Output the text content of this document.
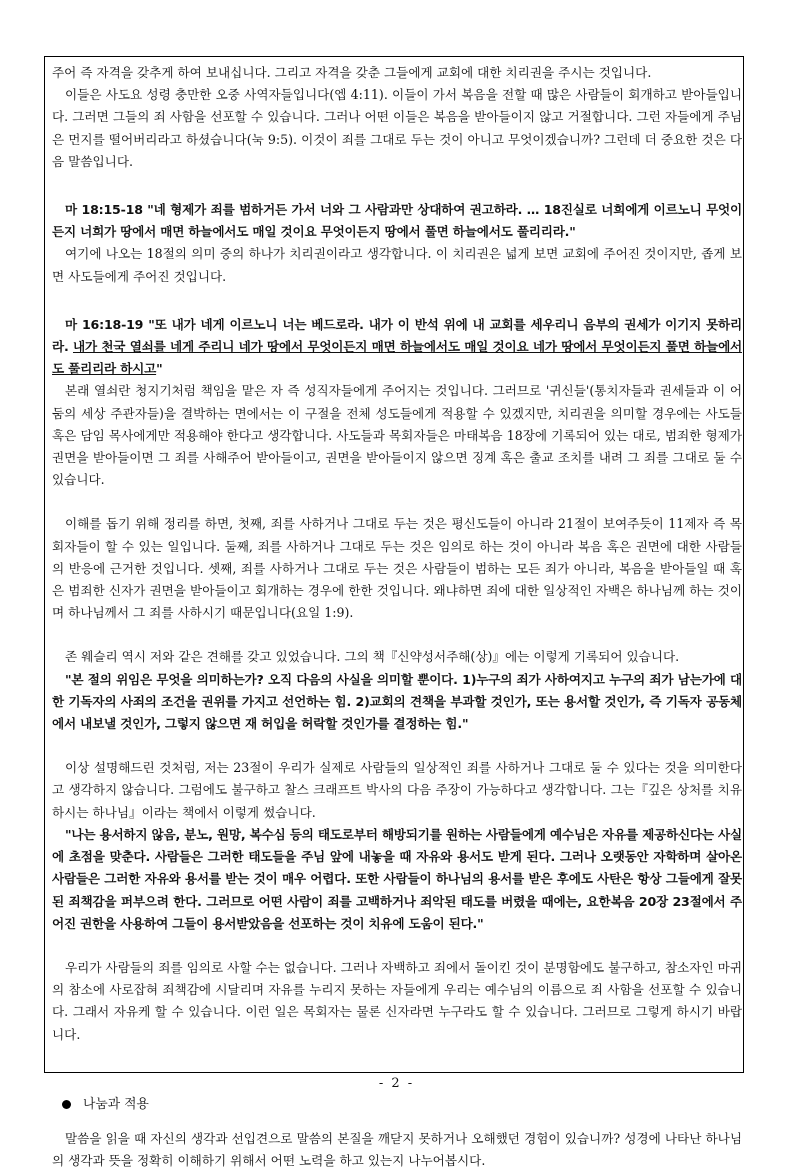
주어 즉 자격을 갖추게 하여 보내십니다. 그리고 자격을 갖춘 그들에게 교회에 대한 치리권을 주시는 것입니다.

이들은 사도요 성령 충만한 오중 사역자들입니다(엡 4:11). 이들이 가서 복음을 전할 때 많은 사람들이 회개하고 받아들입니다. 그러면 그들의 죄 사함을 선포할 수 있습니다. 그러나 어떤 이들은 복음을 받아들이지 않고 거절합니다. 그런 자들에게 주님은 먼지를 떨어버리라고 하셨습니다(눅 9:5). 이것이 죄를 그대로 두는 것이 아니고 무엇이겠습니까? 그런데 더 중요한 것은 다음 말씀입니다.

마 18:15-18 "네 형제가 죄를 범하거든 가서 너와 그 사람과만 상대하여 권고하라. … 18진실로 너희에게 이르노니 무엇이든지 너희가 땅에서 매면 하늘에서도 매일 것이요 무엇이든지 땅에서 풀면 하늘에서도 풀리리라."

여기에 나오는 18절의 의미 중의 하나가 치리권이라고 생각합니다. 이 치리권은 넓게 보면 교회에 주어진 것이지만, 좁게 보면 사도들에게 주어진 것입니다.

마 16:18-19 "또 내가 네게 이르노니 너는 베드로라. 내가 이 반석 위에 내 교회를 세우리니 음부의 권세가 이기지 못하리라. 내가 천국 열쇠를 네게 주리니 네가 땅에서 무엇이든지 매면 하늘에서도 매일 것이요 네가 땅에서 무엇이든지 풀면 하늘에서도 풀리리라 하시고"

본래 열쇠란 청지기처럼 책임을 맡은 자 즉 성직자들에게 주어지는 것입니다. 그러므로 '귀신들'(통치자들과 권세들과 이 어둠의 세상 주관자들)을 결박하는 면에서는 이 구절을 전체 성도들에게 적용할 수 있겠지만, 치리권을 의미할 경우에는 사도들 혹은 담임 목사에게만 적용해야 한다고 생각합니다. 사도들과 목회자들은 마태복음 18장에 기록되어 있는 대로, 범죄한 형제가 권면을 받아들이면 그 죄를 사해주어 받아들이고, 권면을 받아들이지 않으면 징계 혹은 출교 조치를 내려 그 죄를 그대로 둘 수 있습니다.

이해를 돕기 위해 정리를 하면, 첫째, 죄를 사하거나 그대로 두는 것은 평신도들이 아니라 21절이 보여주듯이 11제자 즉 목회자들이 할 수 있는 일입니다. 둘째, 죄를 사하거나 그대로 두는 것은 임의로 하는 것이 아니라 복음 혹은 권면에 대한 사람들의 반응에 근거한 것입니다. 셋째, 죄를 사하거나 그대로 두는 것은 사람들이 범하는 모든 죄가 아니라, 복음을 받아들일 때 혹은 범죄한 신자가 권면을 받아들이고 회개하는 경우에 한한 것입니다. 왜냐하면 죄에 대한 일상적인 자백은 하나님께 하는 것이며 하나님께서 그 죄를 사하시기 때문입니다(요일 1:9).

존 웨슬리 역시 저와 같은 견해를 갖고 있었습니다. 그의 책『신약성서주해(상)』에는 이렇게 기록되어 있습니다.

"본 절의 위임은 무엇을 의미하는가? 오직 다음의 사실을 의미할 뿐이다. 1)누구의 죄가 사하여지고 누구의 죄가 남는가에 대한 기독자의 사죄의 조건을 권위를 가지고 선언하는 힘. 2)교회의 견책을 부과할 것인가, 또는 용서할 것인가, 즉 기독자 공동체에서 내보낼 것인가, 그렇지 않으면 재 허입을 허락할 것인가를 결정하는 힘."

이상 설명해드린 것처럼, 저는 23절이 우리가 실제로 사람들의 일상적인 죄를 사하거나 그대로 둘 수 있다는 것을 의미한다고 생각하지 않습니다. 그럼에도 불구하고 찰스 크래프트 박사의 다음 주장이 가능하다고 생각합니다. 그는『깊은 상처를 치유하시는 하나님』이라는 책에서 이렇게 썼습니다.

"나는 용서하지 않음, 분노, 원망, 복수심 등의 태도로부터 해방되기를 원하는 사람들에게 예수님은 자유를 제공하신다는 사실에 초점을 맞춘다. 사람들은 그러한 태도들을 주님 앞에 내놓을 때 자유와 용서도 받게 된다. 그러나 오랫동안 자학하며 살아온 사람들은 그러한 자유와 용서를 받는 것이 매우 어렵다. 또한 사람들이 하나님의 용서를 받은 후에도 사탄은 항상 그들에게 잘못된 죄책감을 퍼부으려 한다. 그러므로 어떤 사람이 죄를 고백하거나 죄악된 태도를 버렸을 때에는, 요한복음 20장 23절에서 주어진 권한을 사용하여 그들이 용서받았음을 선포하는 것이 치유에 도움이 된다."

우리가 사람들의 죄를 임의로 사할 수는 없습니다. 그러나 자백하고 죄에서 돌이킨 것이 분명함에도 불구하고, 참소자인 마귀의 참소에 사로잡혀 죄책감에 시달리며 자유를 누리지 못하는 자들에게 우리는 예수님의 이름으로 죄 사함을 선포할 수 있습니다. 그래서 자유케 할 수 있습니다. 이런 일은 목회자는 물론 신자라면 누구라도 할 수 있습니다. 그러므로 그렇게 하시기 바랍니다.

나눔과 적용

말씀을 읽을 때 자신의 생각과 선입견으로 말씀의 본질을 깨닫지 못하거나 오해했던 경험이 있습니까? 성경에 나타난 하나님의 생각과 뜻을 정확히 이해하기 위해서 어떤 노력을 하고 있는지 나누어봅시다.

- 2 -
